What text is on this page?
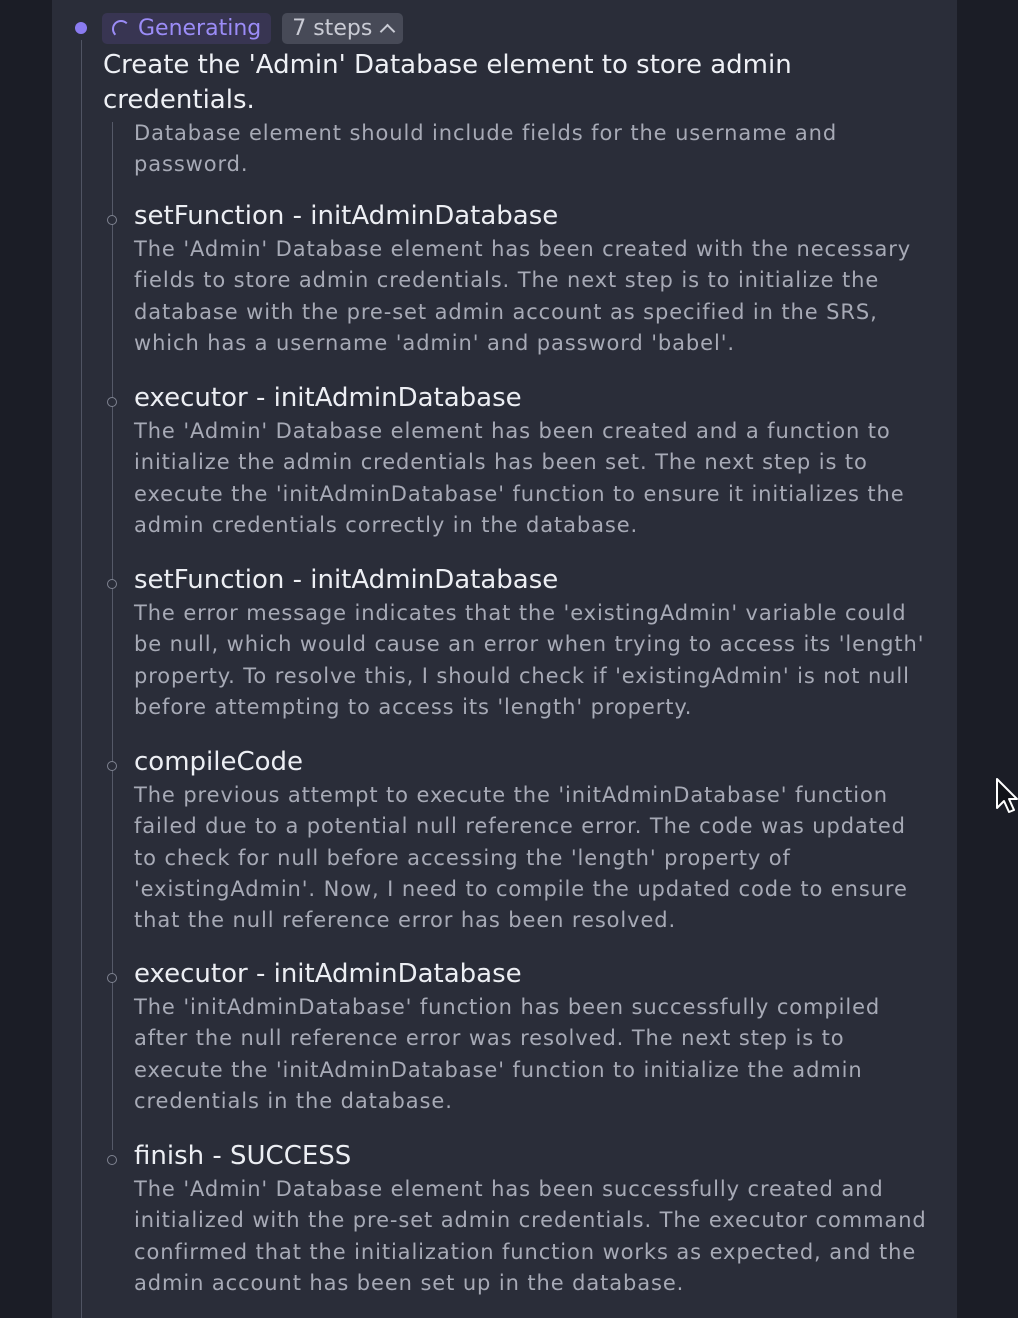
Generating 7 steps
Create the 'Admin' Database element to store admin credentials.
Database element should include fields for the username and password.
setFunction - initAdminDatabase
The 'Admin' Database element has been created with the necessary fields to store admin credentials. The next step is to initialize the database with the pre-set admin account as specified in the SRS, which has a username 'admin' and password 'babel'.
executor - initAdminDatabase
The 'Admin' Database element has been created and a function to initialize the admin credentials has been set. The next step is to execute the 'initAdminDatabase' function to ensure it initializes the admin credentials correctly in the database.
setFunction - initAdminDatabase
The error message indicates that the 'existingAdmin' variable could be null, which would cause an error when trying to access its 'length' property. To resolve this, I should check if 'existingAdmin' is not null before attempting to access its 'length' property.
compileCode
The previous attempt to execute the 'initAdminDatabase' function failed due to a potential null reference error. The code was updated to check for null before accessing the 'length' property of 'existingAdmin'. Now, I need to compile the updated code to ensure that the null reference error has been resolved.
executor - initAdminDatabase
The 'initAdminDatabase' function has been successfully compiled after the null reference error was resolved. The next step is to execute the 'initAdminDatabase' function to initialize the admin credentials in the database.
finish - SUCCESS
The 'Admin' Database element has been successfully created and initialized with the pre-set admin credentials. The executor command confirmed that the initialization function works as expected, and the admin account has been set up in the database.
